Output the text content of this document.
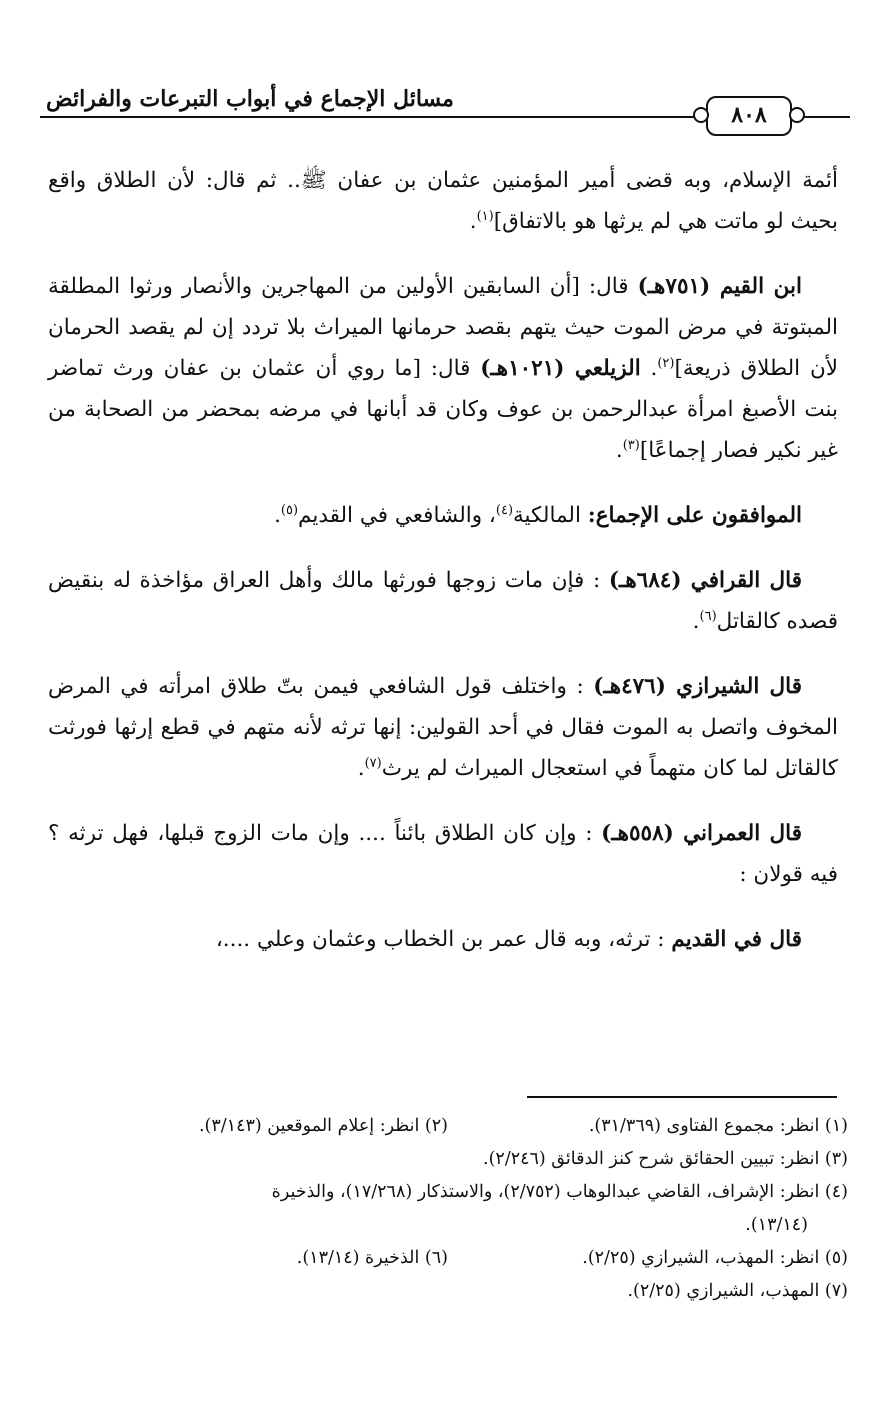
مسائل الإجماع في أبواب التبرعات والفرائض
٨٠٨

أئمة الإسلام، وبه قضى أمير المؤمنين عثمان بن عفان ﷺ.. ثم قال: لأن الطلاق واقع بحيث لو ماتت هي لم يرثها هو بالاتفاق]$^{(١)}$.

ابن القيم (٧٥١هـ) قال: [أن السابقين الأولين من المهاجرين والأنصار ورثوا المطلقة المبتوتة في مرض الموت حيث يتهم بقصد حرمانها الميراث بلا تردد إن لم يقصد الحرمان لأن الطلاق ذريعة]$^{(٢)}$. الزيلعي (١٠٢١هـ) قال: [ما روي أن عثمان بن عفان ورث تماضر بنت الأصبغ امرأة عبدالرحمن بن عوف وكان قد أبانها في مرضه بمحضر من الصحابة من غير نكير فصار إجماعًا]$^{(٣)}$.

الموافقون على الإجماع: المالكية$^{(٤)}$، والشافعي في القديم$^{(٥)}$.

قال القرافي (٦٨٤هـ) : فإن مات زوجها فورثها مالك وأهل العراق مؤاخذة له بنقيض قصده كالقاتل$^{(٦)}$.

قال الشيرازي (٤٧٦هـ) : واختلف قول الشافعي فيمن بتّ طلاق امرأته في المرض المخوف واتصل به الموت فقال في أحد القولين: إنها ترثه لأنه متهم في قطع إرثها فورثت كالقاتل لما كان متهماً في استعجال الميراث لم يرث$^{(٧)}$.

قال العمراني (٥٥٨هـ) : وإن كان الطلاق بائناً .... وإن مات الزوج قبلها، فهل ترثه ؟ فيه قولان :

قال في القديم : ترثه، وبه قال عمر بن الخطاب وعثمان وعلي ....،

(١) انظر: مجموع الفتاوى (٣١/٣٦٩).
(٢) انظر: إعلام الموقعين (٣/١٤٣).
(٣) انظر: تبيين الحقائق شرح كنز الدقائق (٢/٢٤٦).
(٤) انظر: الإشراف، القاضي عبدالوهاب (٢/٧٥٢)، والاستذكار (١٧/٢٦٨)، والذخيرة
(١٣/١٤).
(٥) انظر: المهذب، الشيرازي (٢/٢٥).
(٦) الذخيرة (١٣/١٤).
(٧) المهذب، الشيرازي (٢/٢٥).
